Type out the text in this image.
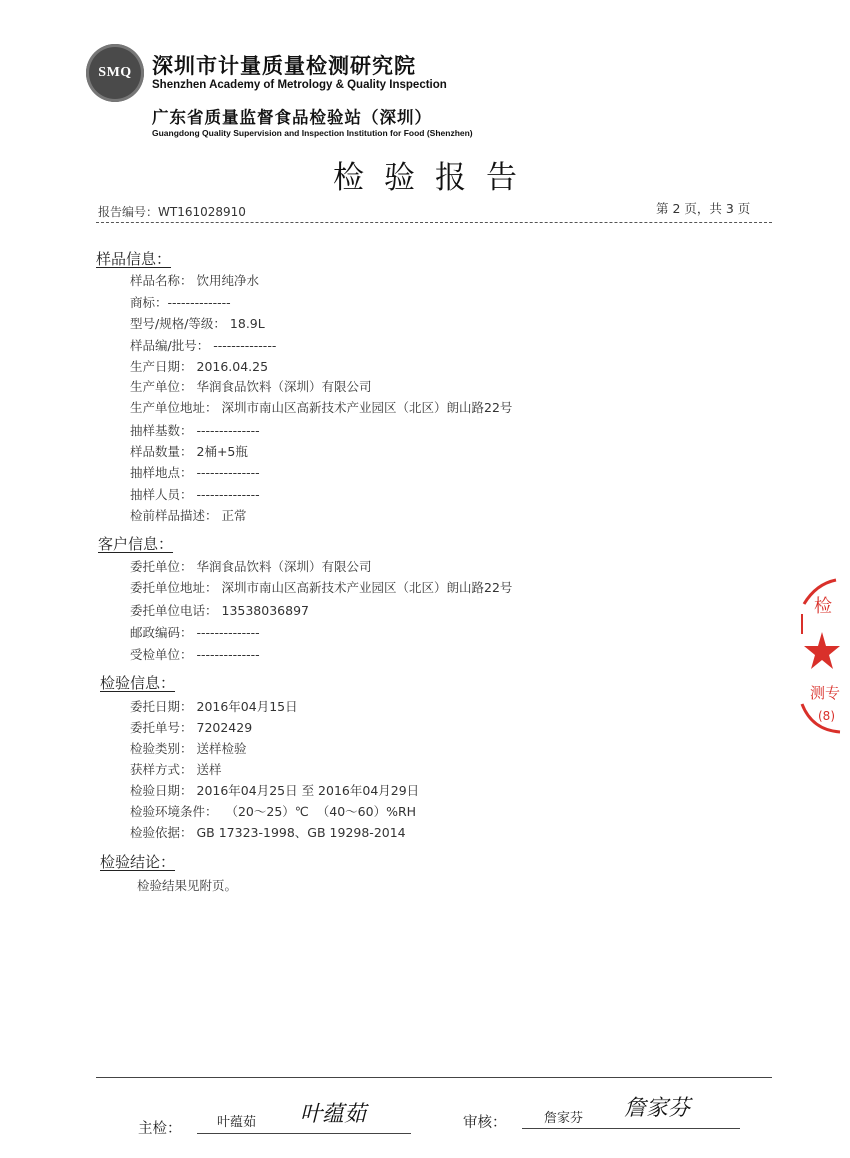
SMQ 深圳市计量质量检测研究院
Shenzhen Academy of Metrology & Quality Inspection
广东省质量监督食品检验站（深圳）
Guangdong Quality Supervision and Inspection Institution for Food (Shenzhen)
检验报告
报告编号：WT161028910	第 2 页，共 3 页
样品信息：
样品名称： 饮用纯净水
商标：--------------
型号/规格/等级： 18.9L
样品编/批号： --------------
生产日期： 2016.04.25
生产单位： 华润食品饮料（深圳）有限公司
生产单位地址： 深圳市南山区高新技术产业园区（北区）朗山路22号
抽样基数： --------------
样品数量： 2桶+5瓶
抽样地点： --------------
抽样人员： --------------
检前样品描述： 正常
客户信息：
委托单位： 华润食品饮料（深圳）有限公司
委托单位地址： 深圳市南山区高新技术产业园区（北区）朗山路22号
委托单位电话： 13538036897
邮政编码： --------------
受检单位： --------------
检验信息：
委托日期： 2016年04月15日
委托单号： 7202429
检验类别： 送样检验
获样方式： 送样
检验日期： 2016年04月25日 至 2016年04月29日
检验环境条件：  （20～25）℃  （40～60）%RH
检验依据： GB 17323-1998、GB 19298-2014
检验结论：
检验结果见附页。
检
测专
(8)
主检：	叶蕴茹 叶蕴茹	审核：	詹家芬 詹家芬
